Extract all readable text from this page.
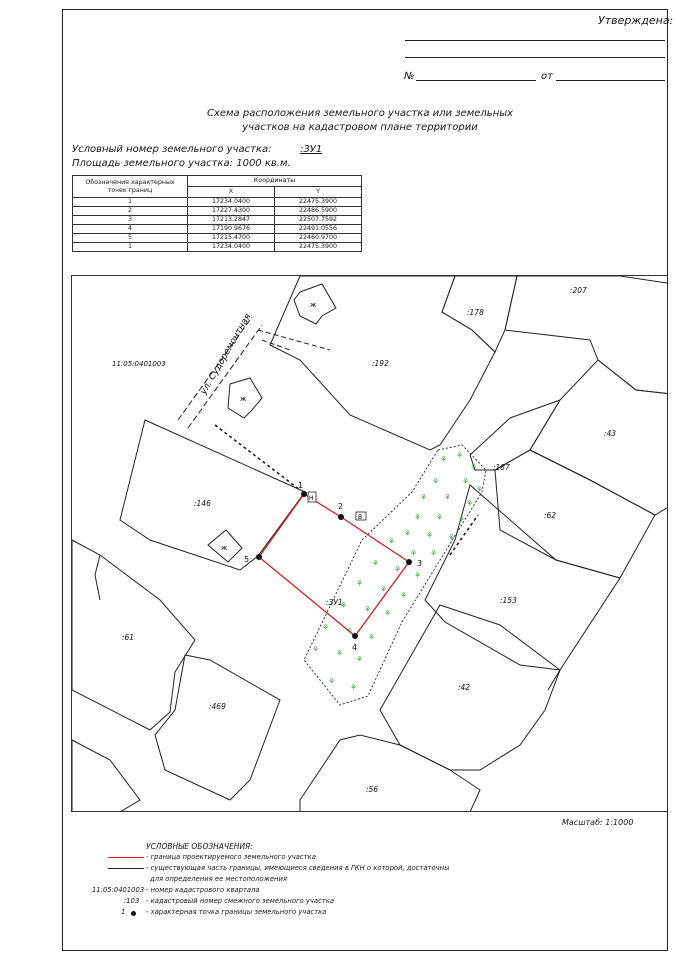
Утверждена:
№	от
Схема расположения земельного участка или земельных
участков на кадастровом плане территории
Условный номер земельного участка:	:ЗУ1
Площадь земельного участка: 1000 кв.м.
Обозначение характерных точек границ	Координаты	
	X	Y
1	17234.0400	22475.3900
2	17227.4300	22486.5900
3	17213.2847	22507.7592
4	17190.9676	22491.0556
5	17215.4700	22460.9700
1	17234.0400	22475.3900
ж
ж
ж
Н
В
1
2
3
4
5
:178
:207
:192
:43
:187
:146
:62
:153
:61
:42
:469
:56
:ЗУ1
11:05:0401003	ул. Судоремонтная
⚘ ⚘
⚘
⚘	⚘
⚘
⚘ ⚘
⚘
⚘ ⚘ ⚘
⚘ ⚘ ⚘
⚘
⚘ ⚘
⚘
⚘
⚘
⚘
⚘
⚘
⚘ ⚘ ⚘
⚘ ⚘
⚘
⚘ ⚘
⚘
⚘
⚘
Масштаб: 1:1000
УСЛОВНЫЕ ОБОЗНАЧЕНИЯ:
- граница проектируемого земельного участка
- существующая часть границы, имеющиеся сведения в ГКН о которой, достаточны
для определения ее местоположения
11:05:0401003 - номер кадастрового квартала
:103 - кадастровый номер смежного земельного участка
1	- характерная точка границы земельного участка
